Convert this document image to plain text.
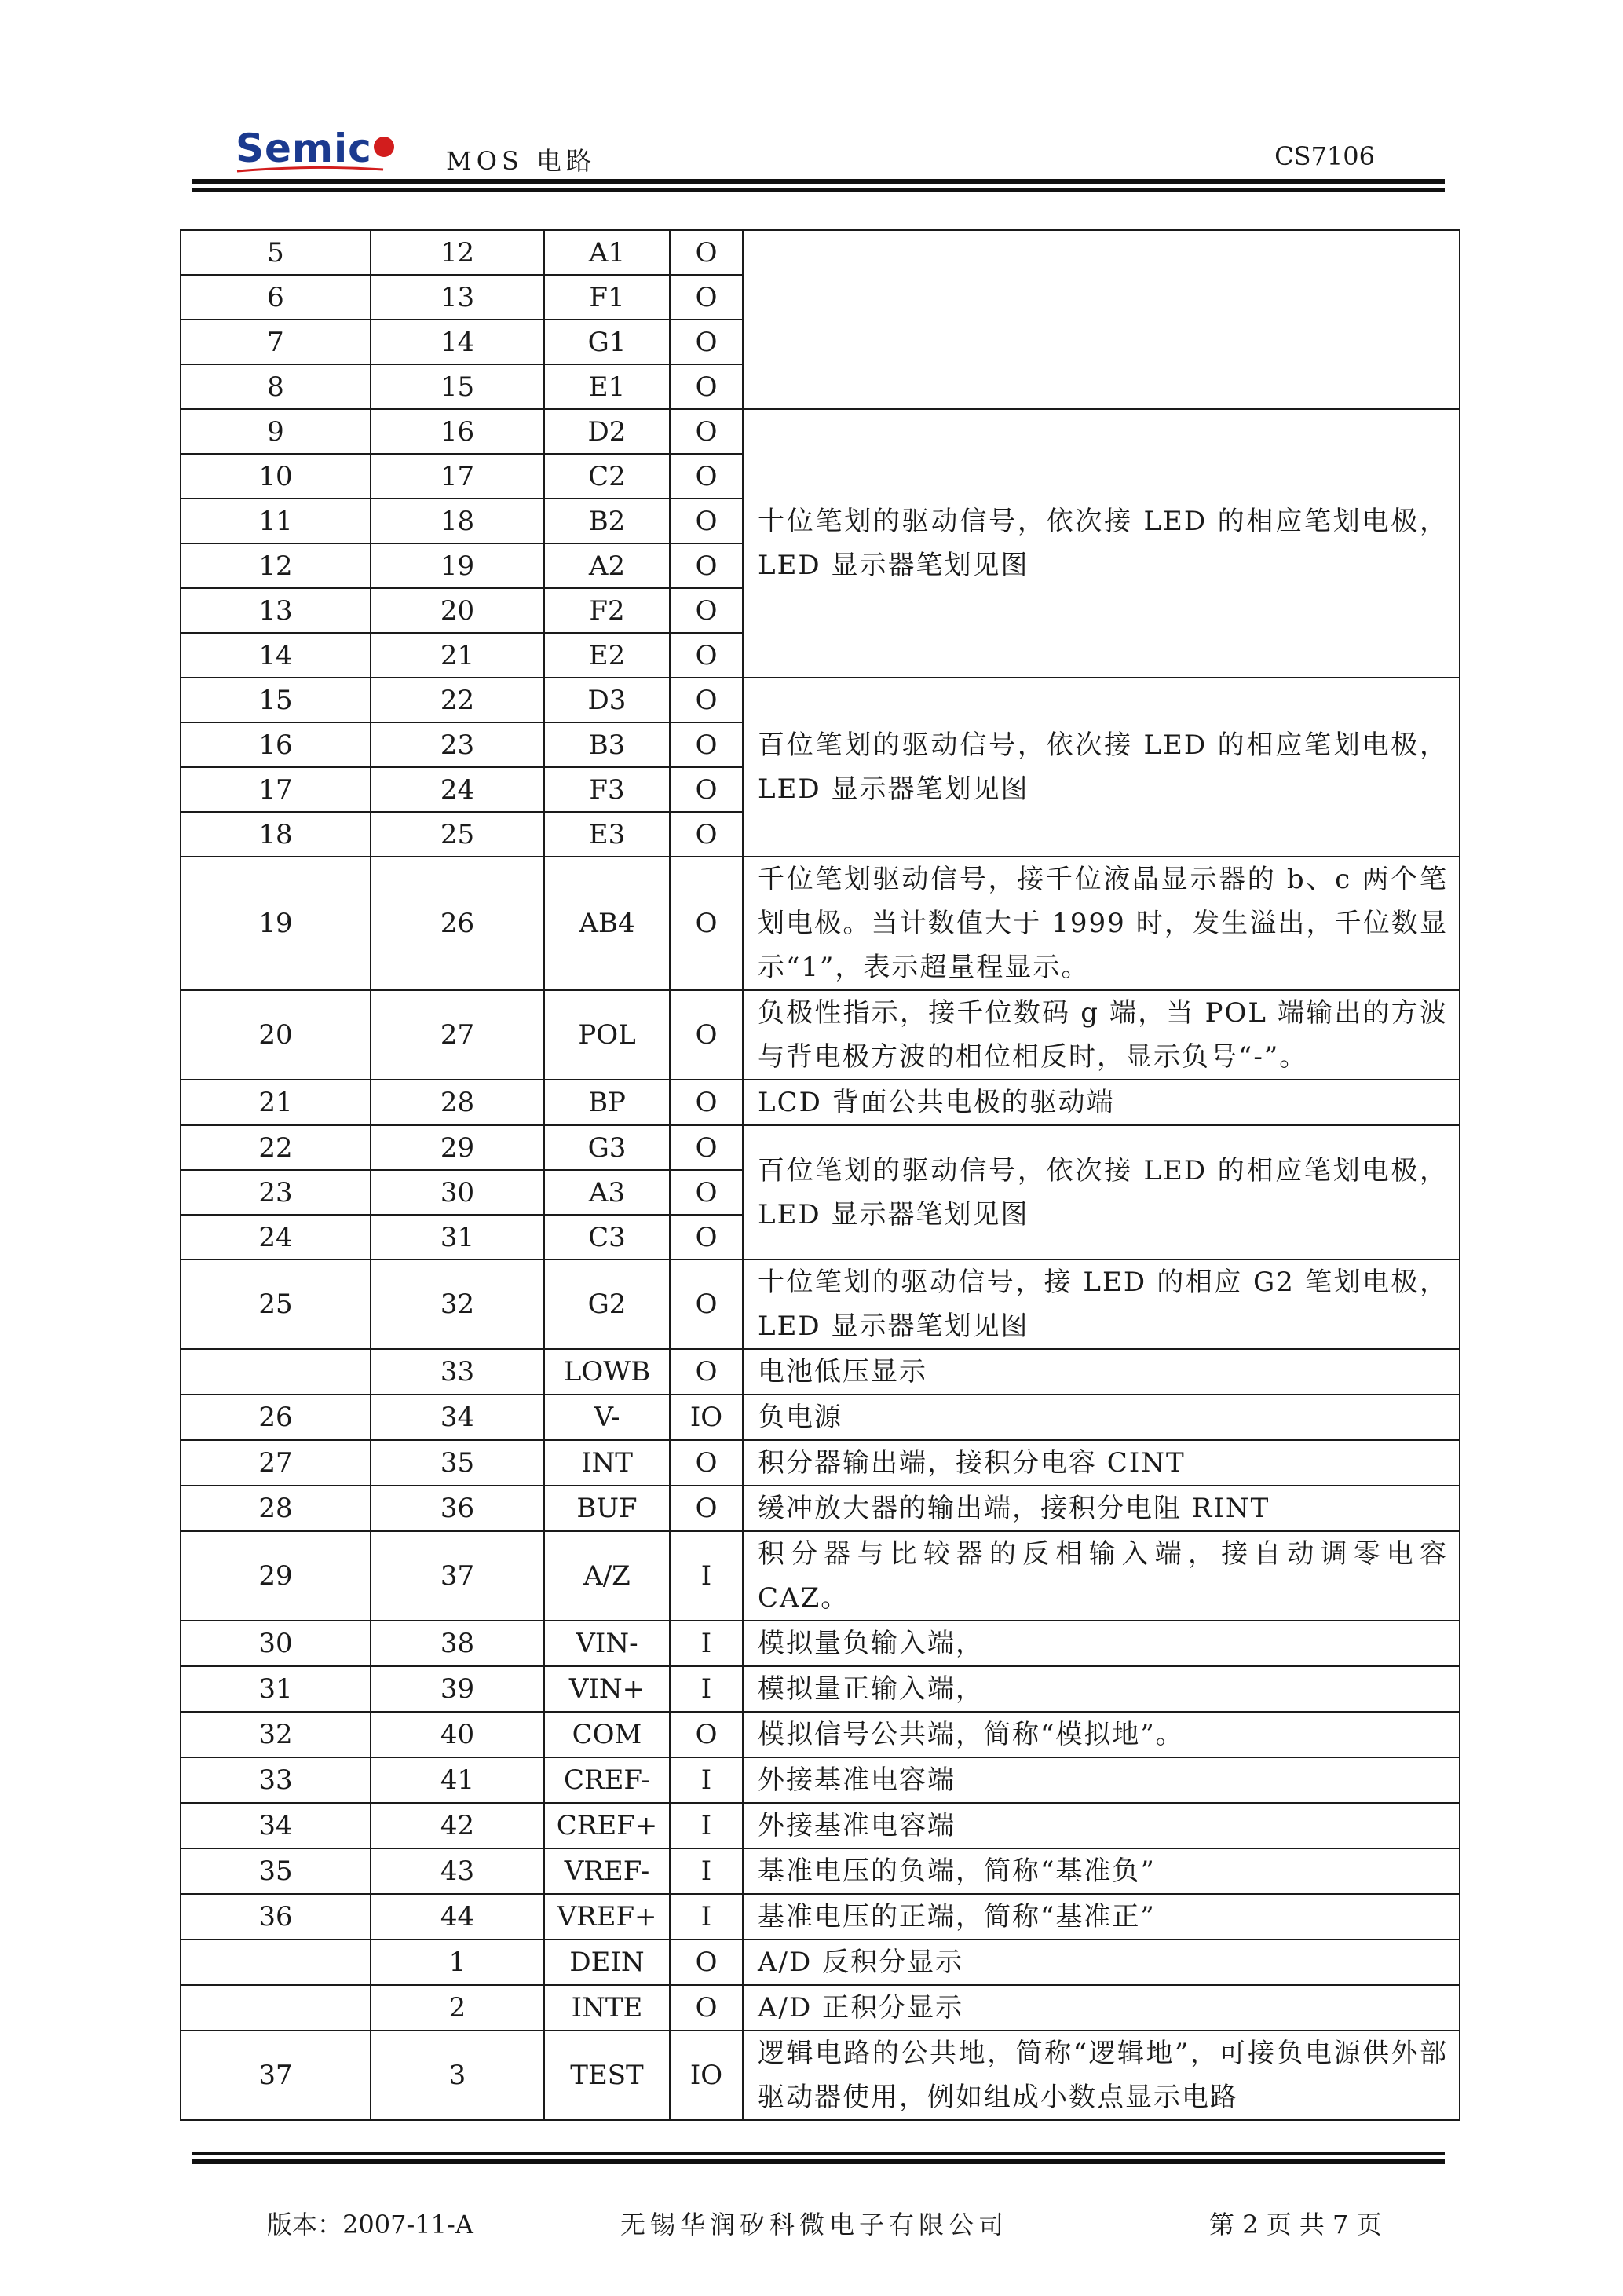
Semic	MOS 电路	CS7106
5	12	A1	O	
6	13	F1	O	
7	14	G1	O	
8	15	E1	O	
9	16	D2	O	十位笔划的驱动信号，依次接 LED 的相应笔划电极，LED 显示器笔划见图
10	17	C2	O	
11	18	B2	O	
12	19	A2	O	
13	20	F2	O	
14	21	E2	O	
15	22	D3	O	百位笔划的驱动信号，依次接 LED 的相应笔划电极，LED 显示器笔划见图
16	23	B3	O	
17	24	F3	O	
18	25	E3	O	
19	26	AB4	O	千位笔划驱动信号，接千位液晶显示器的 b、c 两个笔划电极。当计数值大于 1999 时，发生溢出，千位数显示“1”，表示超量程显示。
20	27	POL	O	负极性指示，接千位数码 g 端，当 POL 端输出的方波与背电极方波的相位相反时，显示负号“-”。
21	28	BP	O	LCD 背面公共电极的驱动端
22	29	G3	O	百位笔划的驱动信号，依次接 LED 的相应笔划电极，LED 显示器笔划见图
23	30	A3	O	
24	31	C3	O	
25	32	G2	O	十位笔划的驱动信号，接 LED 的相应 G2 笔划电极，LED 显示器笔划见图
	33	LOWB	O	电池低压显示
26	34	V-	IO	负电源
27	35	INT	O	积分器输出端，接积分电容 CINT
28	36	BUF	O	缓冲放大器的输出端，接积分电阻 RINT
29	37	A/Z	I	积分器与比较器的反相输入端，接自动调零电容 CAZ。
30	38	VIN-	I	模拟量负输入端，
31	39	VIN+	I	模拟量正输入端，
32	40	COM	O	模拟信号公共端，简称“模拟地”。
33	41	CREF-	I	外接基准电容端
34	42	CREF+	I	外接基准电容端
35	43	VREF-	I	基准电压的负端，简称“基准负”
36	44	VREF+	I	基准电压的正端，简称“基准正”
	1	DEIN	O	A/D 反积分显示
	2	INTE	O	A/D 正积分显示
37	3	TEST	IO	逻辑电路的公共地，简称“逻辑地”，可接负电源供外部驱动器使用，例如组成小数点显示电路
版本：2007-11-A	无锡华润矽科微电子有限公司	第 2 页 共 7 页
